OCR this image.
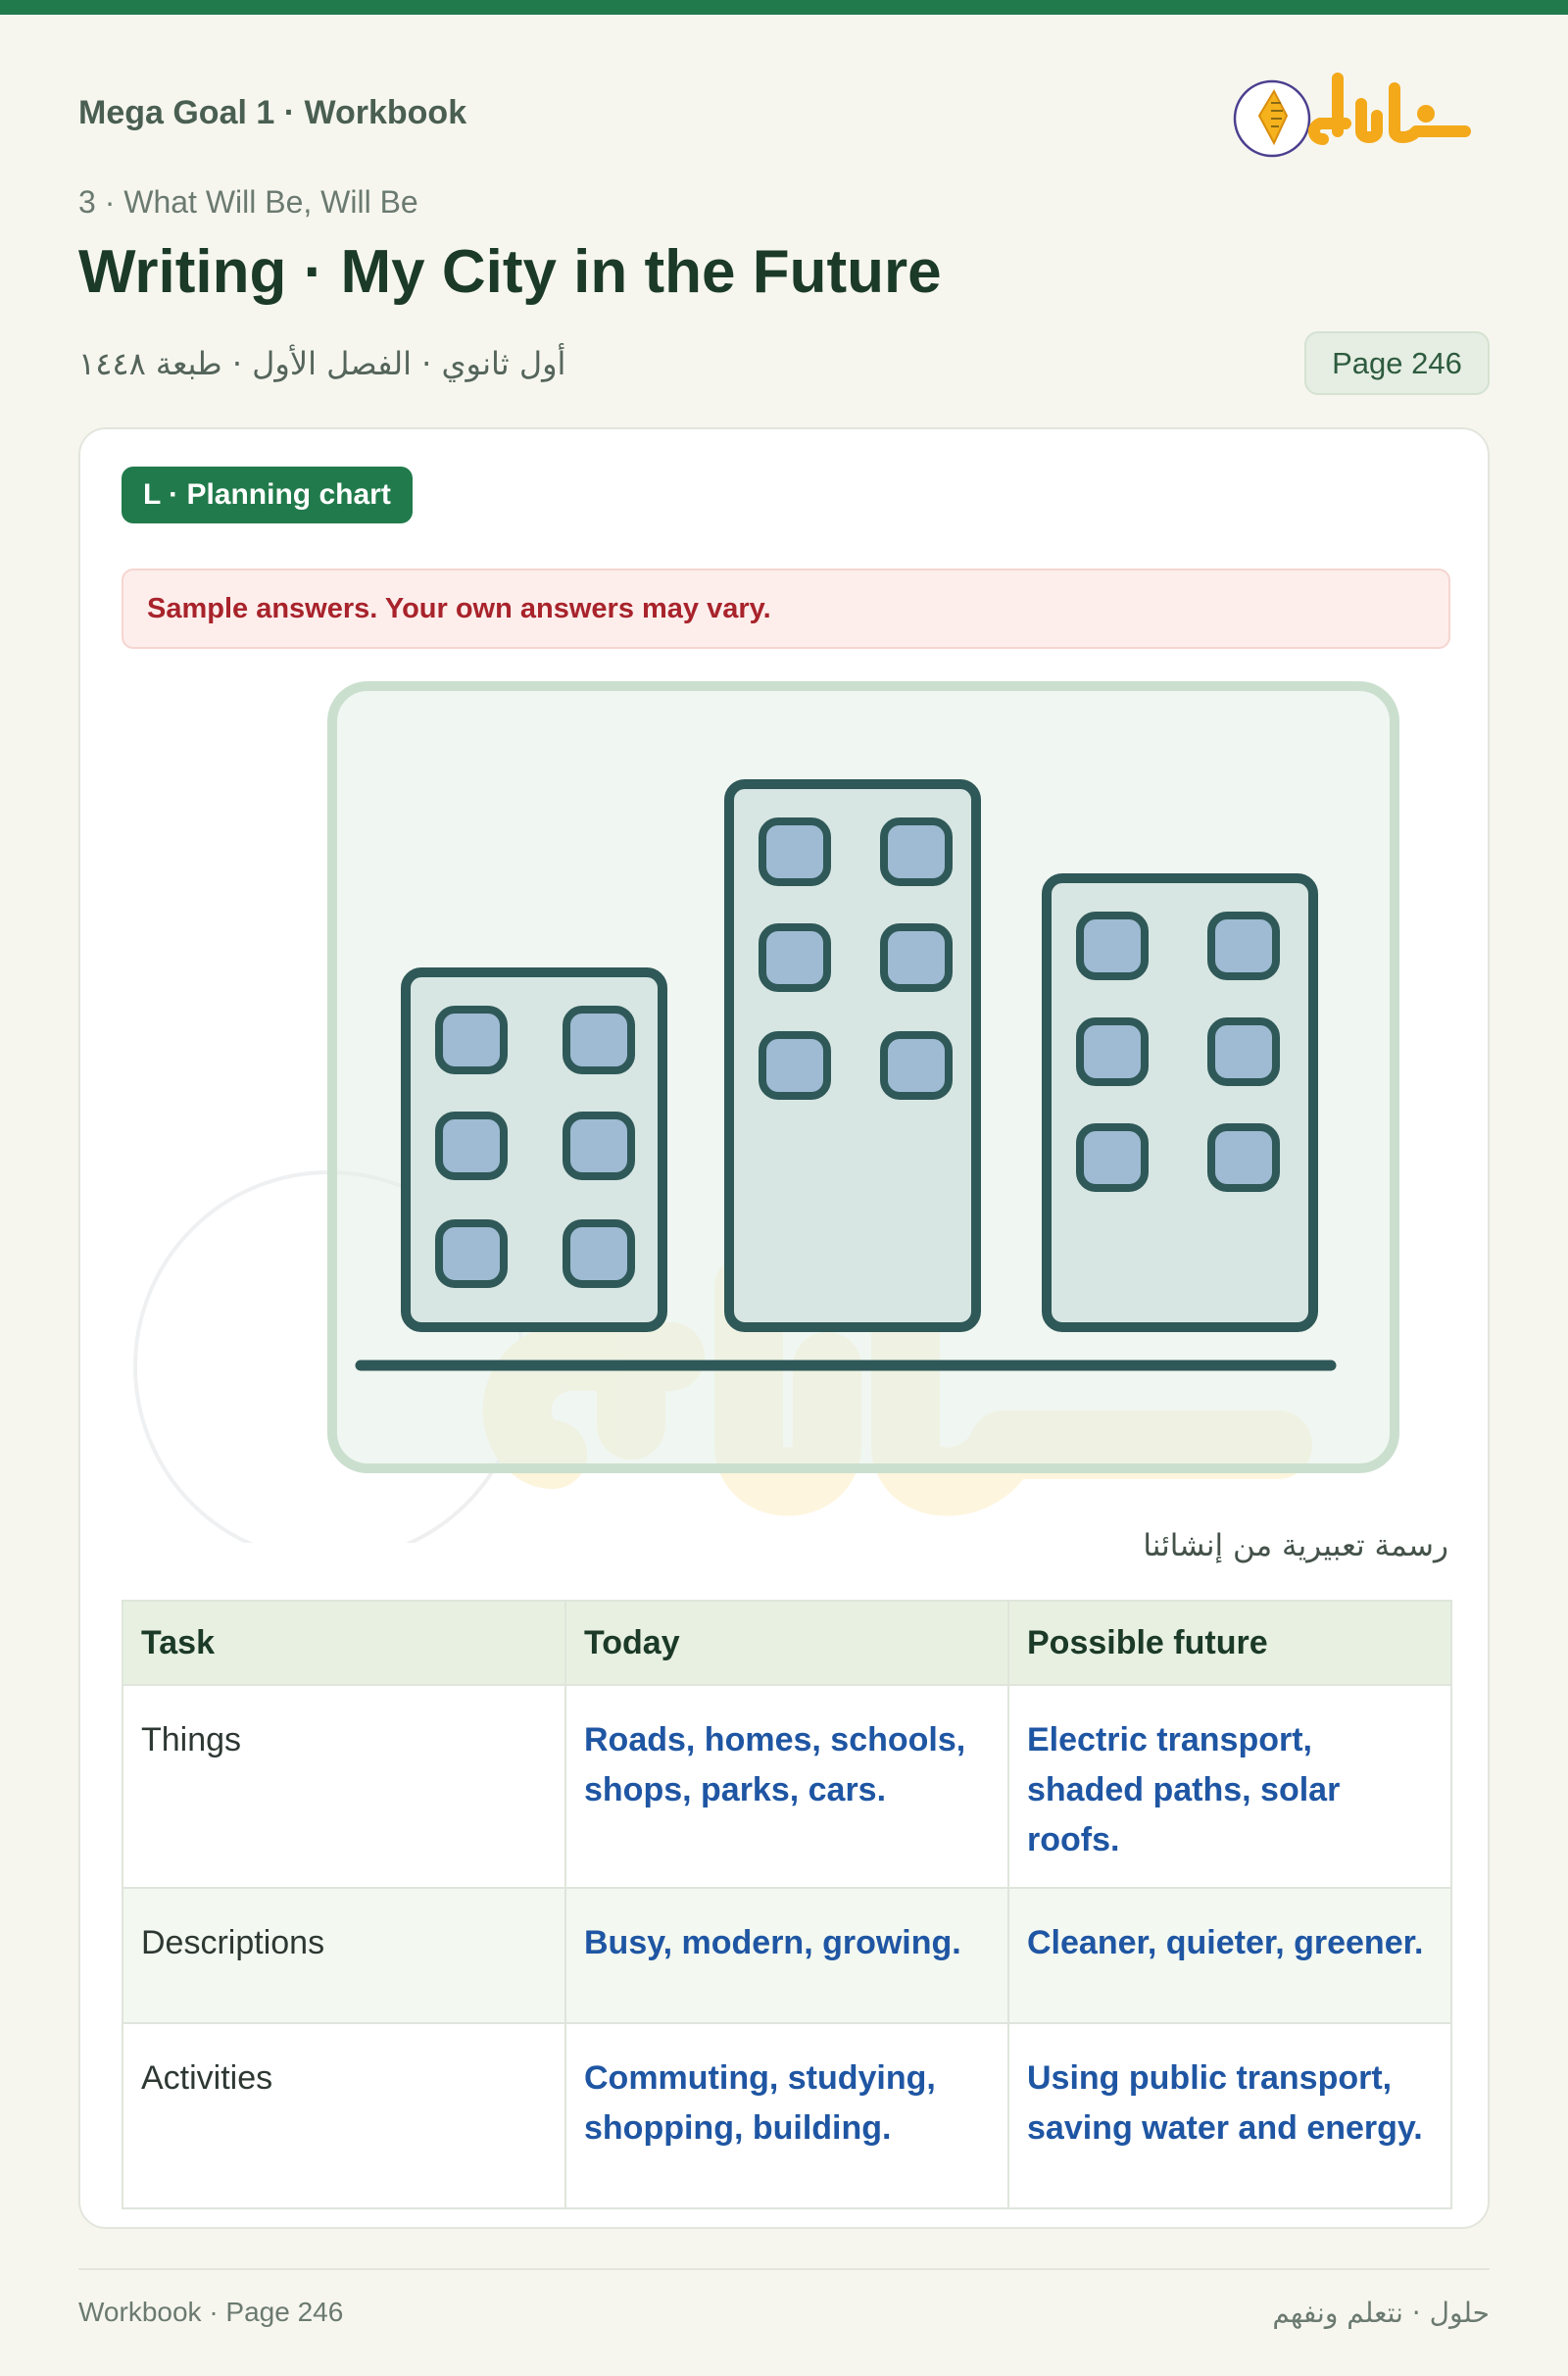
Mega Goal 1 · Workbook
3 · What Will Be, Will Be
Writing · My City in the Future
أول ثانوي · الفصل الأول · طبعة ١٤٤٨	Page 246
L · Planning chart
Sample answers. Your own answers may vary.
رسمة تعبيرية من إنشائنا
Task	Today	Possible future
Things	Roads, homes, schools, shops, parks, cars.	Electric transport, shaded paths, solar roofs.
Descriptions	Busy, modern, growing.	Cleaner, quieter, greener.
Activities	Commuting, studying, shopping, building.	Using public transport, saving water and energy.
Workbook · Page 246	حلول · نتعلم ونفهم
